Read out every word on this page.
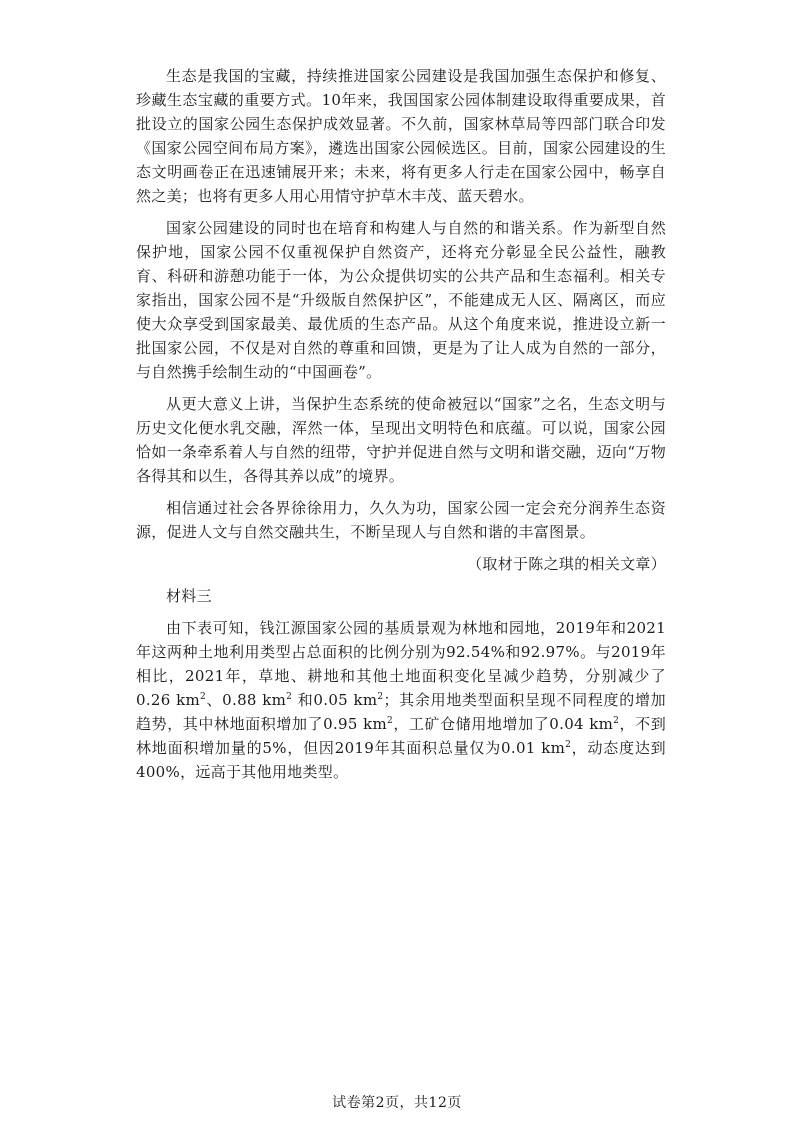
生态是我国的宝藏，持续推进国家公园建设是我国加强生态保护和修复、珍藏生态宝藏的重要方式。10年来，我国国家公园体制建设取得重要成果，首批设立的国家公园生态保护成效显著。不久前，国家林草局等四部门联合印发《国家公园空间布局方案》，遴选出国家公园候选区。目前，国家公园建设的生态文明画卷正在迅速铺展开来；未来，将有更多人行走在国家公园中，畅享自然之美；也将有更多人用心用情守护草木丰茂、蓝天碧水。

国家公园建设的同时也在培育和构建人与自然的和谐关系。作为新型自然保护地，国家公园不仅重视保护自然资产，还将充分彰显全民公益性，融教育、科研和游憩功能于一体，为公众提供切实的公共产品和生态福利。相关专家指出，国家公园不是“升级版自然保护区”，不能建成无人区、隔离区，而应使大众享受到国家最美、最优质的生态产品。从这个角度来说，推进设立新一批国家公园，不仅是对自然的尊重和回馈，更是为了让人成为自然的一部分，与自然携手绘制生动的“中国画卷”。

从更大意义上讲，当保护生态系统的使命被冠以“国家”之名，生态文明与历史文化便水乳交融，浑然一体，呈现出文明特色和底蕴。可以说，国家公园恰如一条牵系着人与自然的纽带，守护并促进自然与文明和谐交融，迈向“万物各得其和以生，各得其养以成”的境界。

相信通过社会各界徐徐用力，久久为功，国家公园一定会充分润养生态资源，促进人文与自然交融共生，不断呈现人与自然和谐的丰富图景。

（取材于陈之琪的相关文章）

材料三

由下表可知，钱江源国家公园的基质景观为林地和园地，2019年和2021年这两种土地利用类型占总面积的比例分别为92.54%和92.97%。与2019年相比，2021年，草地、耕地和其他土地面积变化呈减少趋势，分别减少了0.26 $km^2$、0.88 $km^2$ 和0.05 $km^2$；其余用地类型面积呈现不同程度的增加趋势，其中林地面积增加了0.95 $km^2$，工矿仓储用地增加了0.04 $km^2$，不到林地面积增加量的5%，但因2019年其面积总量仅为0.01 $km^2$，动态度达到400%，远高于其他用地类型。

试卷第2页，共12页
